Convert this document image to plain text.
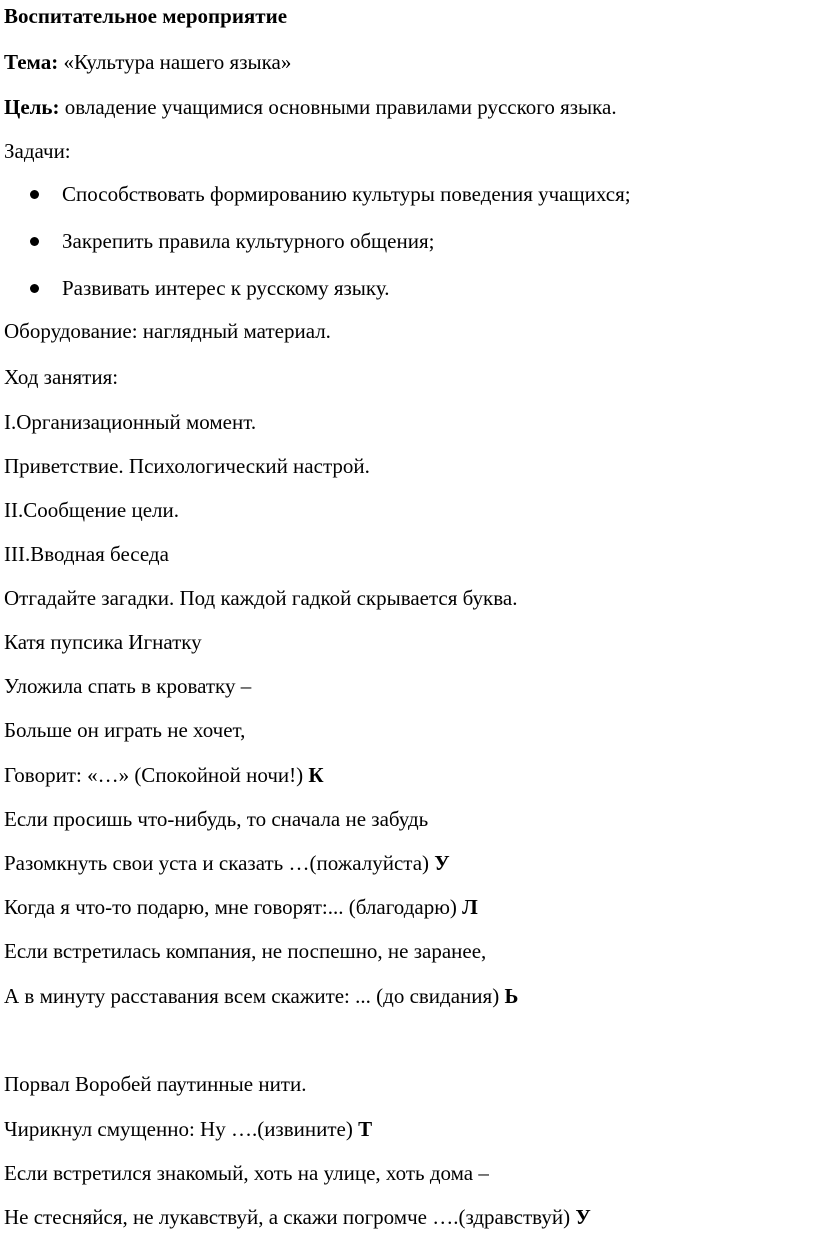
Воспитательное мероприятие
Тема: «Культура нашего языка»
Цель: овладение учащимися основными правилами русского языка.
Задачи:
Способствовать формированию культуры поведения учащихся;
Закрепить правила культурного общения;
Развивать интерес к русскому языку.
Оборудование: наглядный материал.
Ход занятия:
I.Организационный момент.
Приветствие. Психологический настрой.
II.Сообщение цели.
III.Вводная беседа
Отгадайте загадки. Под каждой гадкой скрывается буква.
Катя пупсика Игнатку
Уложила спать в кроватку –
Больше он играть не хочет,
Говорит: «…» (Спокойной ночи!) К
Если просишь что-нибудь, то сначала не забудь
Разомкнуть свои уста и сказать …(пожалуйста) У
Когда я что-то подарю, мне говорят:... (благодарю) Л
Если встретилась компания, не поспешно, не заранее,
А в минуту расставания всем скажите: ... (до свидания) Ь
Порвал Воробей паутинные нити.
Чирикнул смущенно: Ну ….(извините) Т
Если встретился знакомый, хоть на улице, хоть дома –
Не стесняйся, не лукавствуй, а скажи погромче ….(здравствуй) У
